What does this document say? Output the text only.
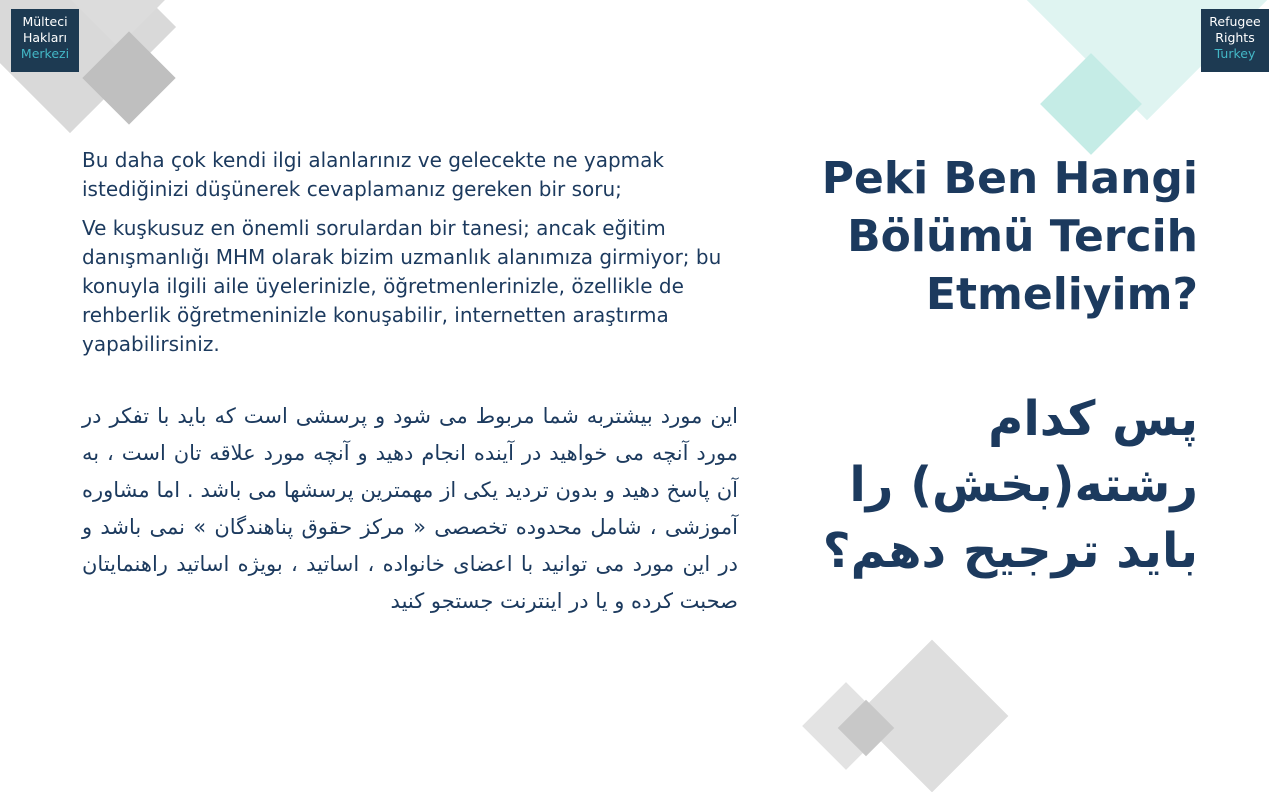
Mülteci
Hakları
Merkezi
Refugee
Rights
Turkey
Peki Ben Hangi Bölümü Tercih Etmeliyim?
پس کدام رشته(بخش) را باید ترجیح دهم؟

Bu daha çok kendi ilgi alanlarınız ve gelecekte ne yapmak istediğinizi düşünerek cevaplamanız gereken bir soru;

Ve kuşkusuz en önemli sorulardan bir tanesi; ancak eğitim danışmanlığı MHM olarak bizim uzmanlık alanımıza girmiyor; bu konuyla ilgili aile üyelerinizle, öğretmenlerinizle, özellikle de rehberlik öğretmeninizle konuşabilir, internetten araştırma yapabilirsiniz.

این مورد بیشتربه شما مربوط می شود و پرسشی است که باید با تفکر در مورد آنچه می خواهید در آینده انجام دهید و آنچه مورد علاقه تان است ، به آن پاسخ دهید و بدون تردید یکی از مهمترین پرسشها می باشد . اما مشاوره آموزشی ، شامل محدوده تخصصی « مرکز حقوق پناهندگان » نمی باشد و در این مورد می توانید با اعضای خانواده ، اساتید ، بویژه اساتید راهنمایتان صحبت کرده و یا در اینترنت جستجو کنید
